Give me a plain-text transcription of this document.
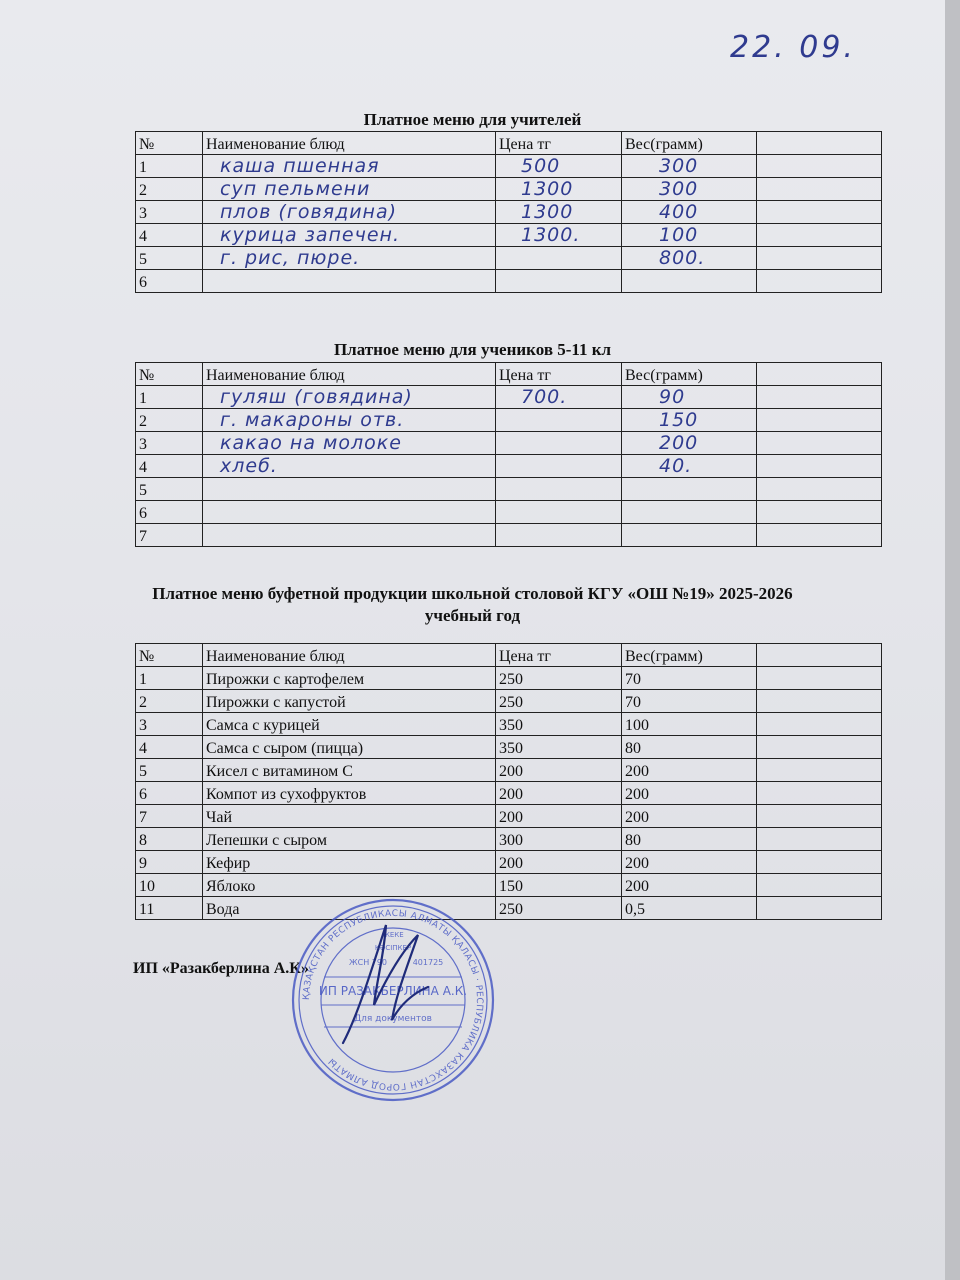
22. 09.
Платное меню для учителей
№	Наименование блюд	Цена тг	Вес(грамм)	
1	каша пшенная	500	300	
2	суп пельмени	1300	300	
3	плов (говядина)	1300	400	
4	курица запечен.	1300.	100	
5	г. рис, пюре.		800.	
6				
Платное меню для учеников 5-11 кл
№	Наименование блюд	Цена тг	Вес(грамм)	
1	гуляш (говядина)	700.	90	
2	г. макароны отв.		150	
3	какао на молоке		200	
4	хлеб.		40.	
5				
6				
7				
Платное меню буфетной продукции школьной столовой КГУ «ОШ №19» 2025-2026
учебный год
№	Наименование блюд	Цена тг	Вес(грамм)	
1	Пирожки с картофелем	250	70	
2	Пирожки с капустой	250	70	
3	Самса с курицей	350	100	
4	Самса с сыром (пицца)	350	80	
5	Кисел с витамином С	200	200	
6	Компот из сухофруктов	200	200	
7	Чай	200	200	
8	Лепешки с сыром	300	80	
9	Кефир	200	200	
10	Яблоко	150	200	
11	Вода	250	0,5	
ИП «Разакберлина А.К»
ҚАЗАҚСТАН РЕСПУБЛИКАСЫ АЛМАТЫ ҚАЛАСЫ · РЕСПУБЛИКА КАЗАХСТАН ГОРОД АЛМАТЫ
ЖЕКЕ
КӘСІПКЕР
ЖСН 790	401725
ИП РАЗАКБЕРЛИНА А.К.
Для документов
